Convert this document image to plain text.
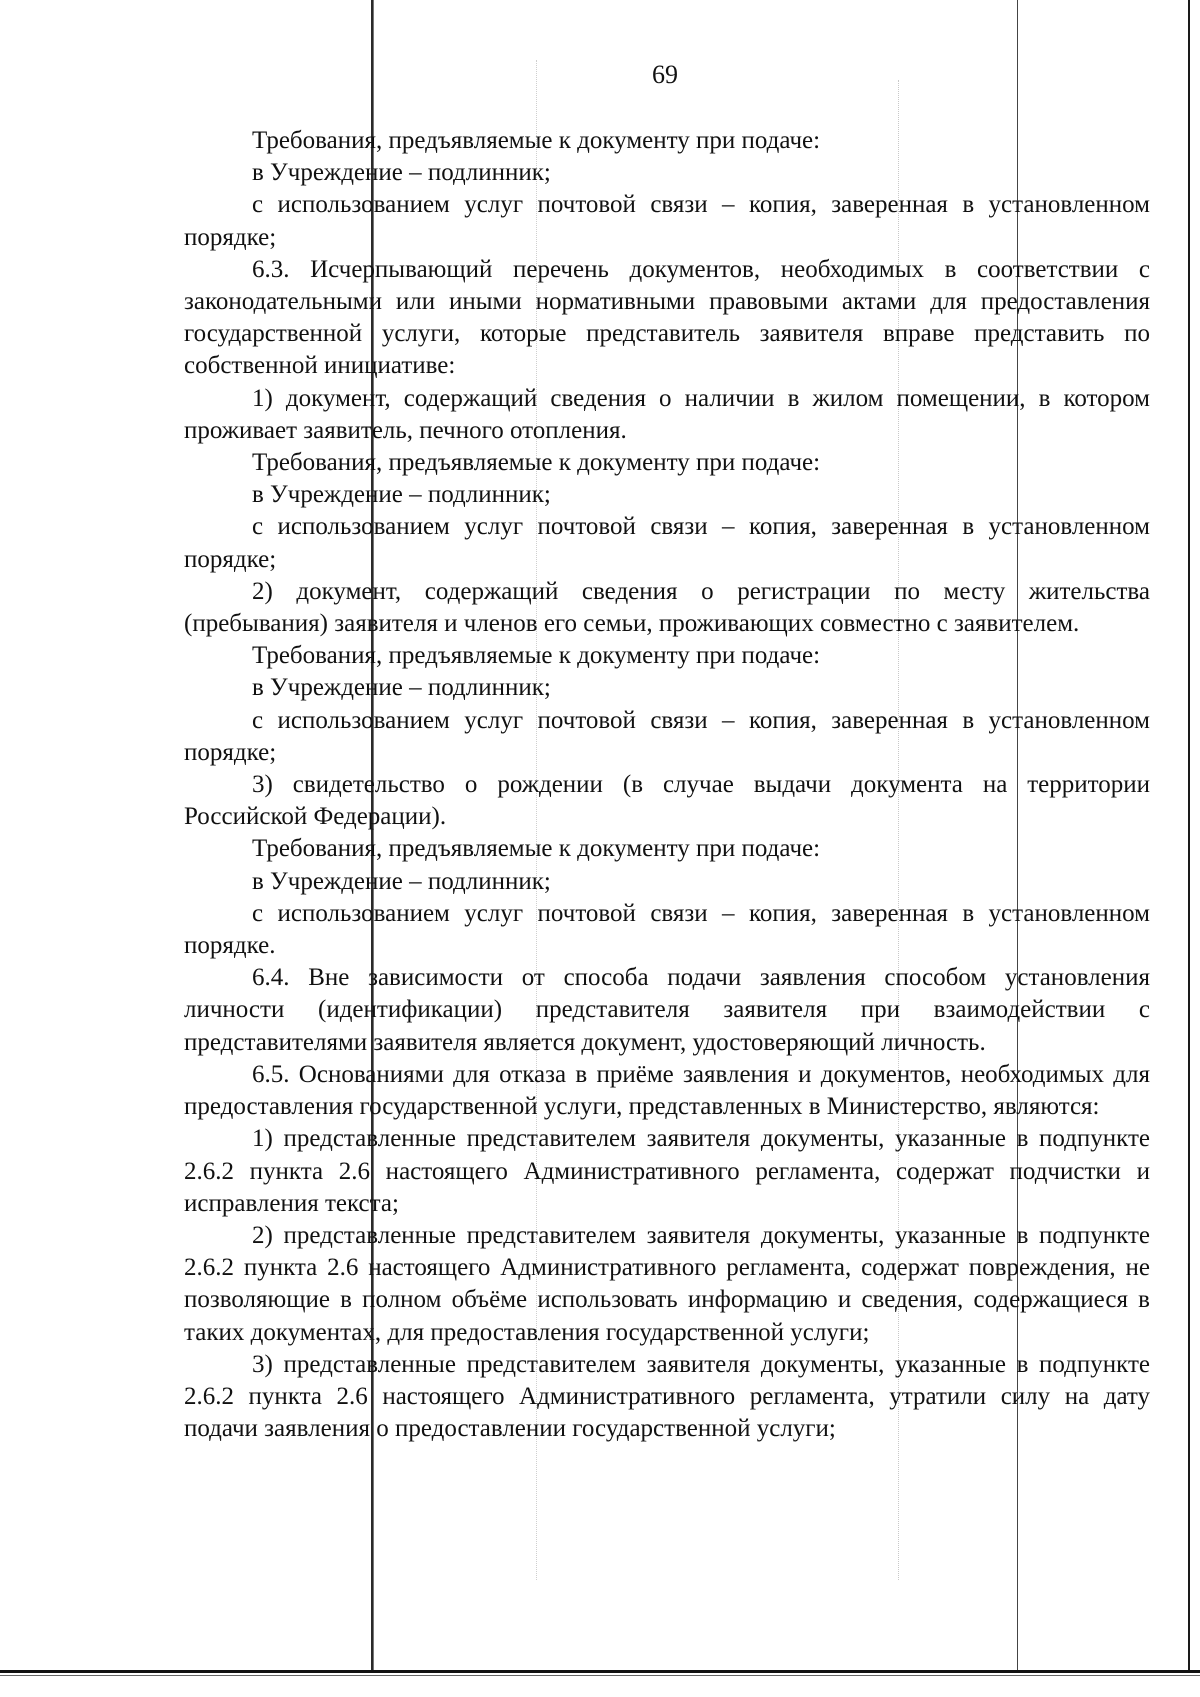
69

Требования, предъявляемые к документу при подаче:

в Учреждение – подлинник;

с использованием услуг почтовой связи – копия, заверенная в установленном порядке;

6.3. Исчерпывающий перечень документов, необходимых в соответствии с законодательными или иными нормативными правовыми актами для предоставления государственной услуги, которые представитель заявителя вправе представить по собственной инициативе:

1) документ, содержащий сведения о наличии в жилом помещении, в котором проживает заявитель, печного отопления.

Требования, предъявляемые к документу при подаче:

в Учреждение – подлинник;

с использованием услуг почтовой связи – копия, заверенная в установленном порядке;

2) документ, содержащий сведения о регистрации по месту жительства (пребывания) заявителя и членов его семьи, проживающих совместно с заявителем.

Требования, предъявляемые к документу при подаче:

в Учреждение – подлинник;

с использованием услуг почтовой связи – копия, заверенная в установленном порядке;

3) свидетельство о рождении (в случае выдачи документа на территории Российской Федерации).

Требования, предъявляемые к документу при подаче:

в Учреждение – подлинник;

с использованием услуг почтовой связи – копия, заверенная в установленном порядке.

6.4. Вне зависимости от способа подачи заявления способом установления личности (идентификации) представителя заявителя при взаимодействии с представителями заявителя является документ, удостоверяющий личность.

6.5. Основаниями для отказа в приёме заявления и документов, необходимых для предоставления государственной услуги, представленных в Министерство, являются:

1) представленные представителем заявителя документы, указанные в подпункте 2.6.2 пункта 2.6 настоящего Административного регламента, содержат подчистки и исправления текста;

2) представленные представителем заявителя документы, указанные в подпункте 2.6.2 пункта 2.6 настоящего Административного регламента, содержат повреждения, не позволяющие в полном объёме использовать информацию и сведения, содержащиеся в таких документах, для предоставления государственной услуги;

3) представленные представителем заявителя документы, указанные в подпункте 2.6.2 пункта 2.6 настоящего Административного регламента, утратили силу на дату подачи заявления о предоставлении государственной услуги;
